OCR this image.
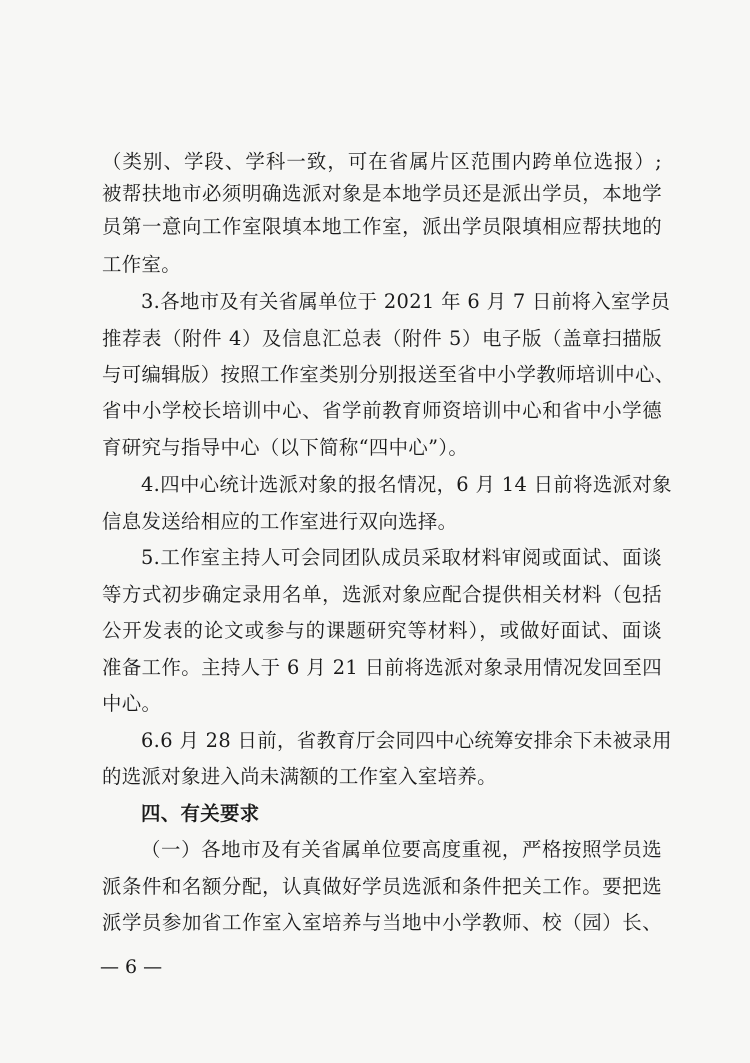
（类别、学段、学科一致，可在省属片区范围内跨单位选报）;
被帮扶地市必须明确选派对象是本地学员还是派出学员，本地学
员第一意向工作室限填本地工作室，派出学员限填相应帮扶地的
工作室。
3.各地市及有关省属单位于 2021 年 6 月 7 日前将入室学员
推荐表（附件 4）及信息汇总表（附件 5）电子版（盖章扫描版
与可编辑版）按照工作室类别分别报送至省中小学教师培训中心、
省中小学校长培训中心、省学前教育师资培训中心和省中小学德
育研究与指导中心（以下简称“四中心”）。
4.四中心统计选派对象的报名情况，6 月 14 日前将选派对象
信息发送给相应的工作室进行双向选择。
5.工作室主持人可会同团队成员采取材料审阅或面试、面谈
等方式初步确定录用名单，选派对象应配合提供相关材料（包括
公开发表的论文或参与的课题研究等材料），或做好面试、面谈
准备工作。主持人于 6 月 21 日前将选派对象录用情况发回至四
中心。
6.6 月 28 日前，省教育厅会同四中心统筹安排余下未被录用
的选派对象进入尚未满额的工作室入室培养。
四、有关要求
（一）各地市及有关省属单位要高度重视，严格按照学员选
派条件和名额分配，认真做好学员选派和条件把关工作。要把选
派学员参加省工作室入室培养与当地中小学教师、校（园）长、
— 6 —
